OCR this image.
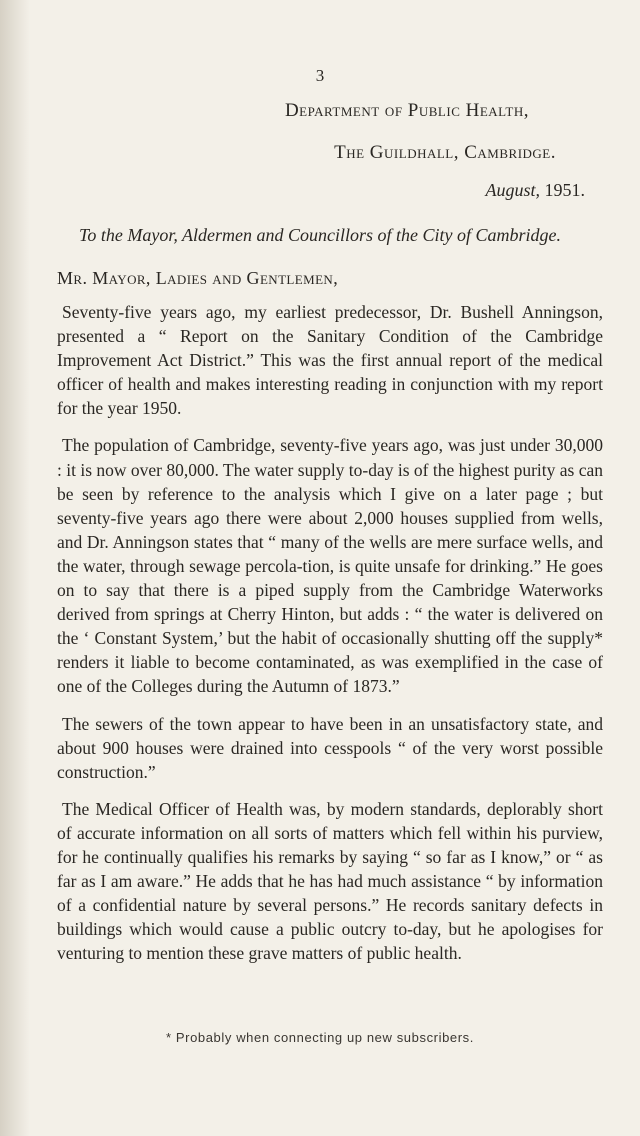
3
Department of Public Health,
The Guildhall, Cambridge.
August, 1951.
To the Mayor, Aldermen and Councillors of the City of Cambridge.
Mr. Mayor, Ladies and Gentlemen,

Seventy-five years ago, my earliest predecessor, Dr. Bushell Anningson, presented a “ Report on the Sanitary Condition of the Cambridge Improvement Act District.” This was the first annual report of the medical officer of health and makes interesting reading in conjunction with my report for the year 1950.

The population of Cambridge, seventy-five years ago, was just under 30,000 : it is now over 80,000. The water supply to-day is of the highest purity as can be seen by reference to the analysis which I give on a later page ; but seventy-five years ago there were about 2,000 houses supplied from wells, and Dr. Anningson states that “ many of the wells are mere surface wells, and the water, through sewage percola-tion, is quite unsafe for drinking.” He goes on to say that there is a piped supply from the Cambridge Waterworks derived from springs at Cherry Hinton, but adds : “ the water is delivered on the ‘ Constant System,’ but the habit of occasionally shutting off the supply* renders it liable to become contaminated, as was exemplified in the case of one of the Colleges during the Autumn of 1873.”

The sewers of the town appear to have been in an unsatisfactory state, and about 900 houses were drained into cesspools “ of the very worst possible construction.”

The Medical Officer of Health was, by modern standards, deplorably short of accurate information on all sorts of matters which fell within his purview, for he continually qualifies his remarks by saying “ so far as I know,” or “ as far as I am aware.” He adds that he has had much assistance “ by information of a confidential nature by several persons.” He records sanitary defects in buildings which would cause a public outcry to-day, but he apologises for venturing to mention these grave matters of public health.

* Probably when connecting up new subscribers.
